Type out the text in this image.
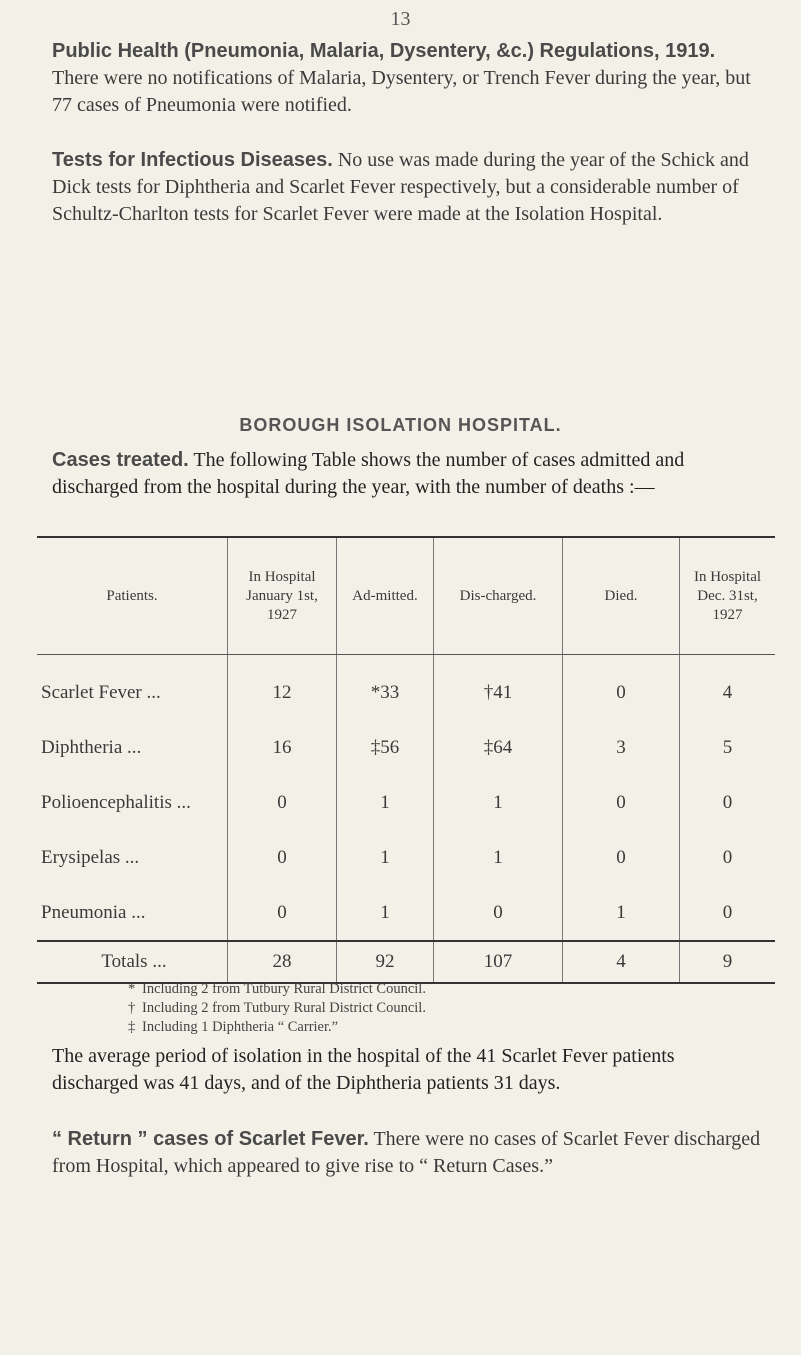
13

Public Health (Pneumonia, Malaria, Dysentery, &c.) Regulations, 1919. There were no notifications of Malaria, Dysentery, or Trench Fever during the year, but 77 cases of Pneumonia were notified.

Tests for Infectious Diseases. No use was made during the year of the Schick and Dick tests for Diphtheria and Scarlet Fever respectively, but a considerable number of Schultz-Charlton tests for Scarlet Fever were made at the Isolation Hospital.

BOROUGH ISOLATION HOSPITAL.

Cases treated. The following Table shows the number of cases admitted and discharged from the hospital during the year, with the number of deaths :—

Patients.	In Hospital January 1st, 1927	Ad-mitted.	Dis-charged.	Died.	In Hospital Dec. 31st, 1927
Scarlet Fever ...	12	*33	†41	0	4
Diphtheria ...	16	‡56	‡64	3	5
Polioencephalitis ...	0	1	1	0	0
Erysipelas ...	0	1	1	0	0
Pneumonia ...	0	1	0	1	0
Totals ...	28	92	107	4	9
* Including 2 from Tutbury Rural District Council.
† Including 2 from Tutbury Rural District Council.
‡ Including 1 Diphtheria “ Carrier.”

The average period of isolation in the hospital of the 41 Scarlet Fever patients discharged was 41 days, and of the Diphtheria patients 31 days.

“ Return ” cases of Scarlet Fever. There were no cases of Scarlet Fever discharged from Hospital, which appeared to give rise to “ Return Cases.”
